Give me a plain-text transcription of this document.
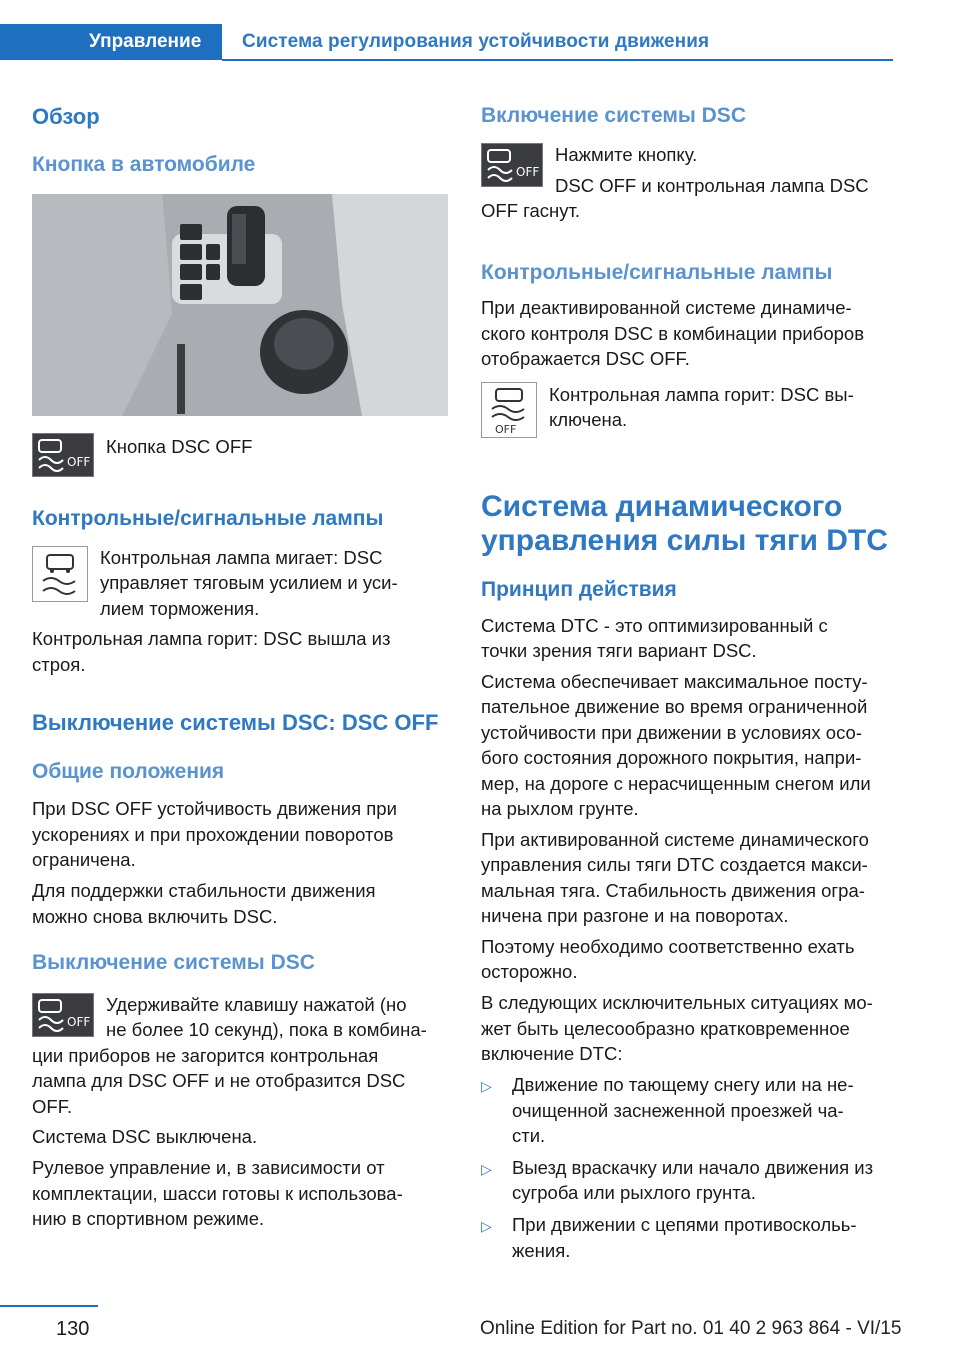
Управление Система регулирования устойчивости движения
Обзор
Кнопка в автомобиле
OFF

Кнопка DSC OFF

Контрольные/сигнальные лампы

Контрольная лампа мигает: DSC

управляет тяговым усилием и уси‐

лием торможения.

Контрольная лампа горит: DSC вышла из

строя.

Выключение системы DSC: DSC OFF
Общие положения

При DSC OFF устойчивость движения при

ускорениях и при прохождении поворотов

ограничена.

Для поддержки стабильности движения

можно снова включить DSC.

Выключение системы DSC
OFF

Удерживайте клавишу нажатой (но

не более 10 секунд), пока в комбина‐

ции приборов не загорится контрольная

лампа для DSC OFF и не отобразится DSC

OFF.

Система DSC выключена.

Рулевое управление и, в зависимости от

комплектации, шасси готовы к использова‐

нию в спортивном режиме.

Включение системы DSC
OFF

Нажмите кнопку.

DSC OFF и контрольная лампа DSC

OFF гаснут.

Контрольные/сигнальные лампы

При деактивированной системе динамиче‐

ского контроля DSC в комбинации приборов

отображается DSC OFF.

OFF

Контрольная лампа горит: DSC вы‐

ключена.

Система динамического
управления силы тяги DTC
Принцип действия

Система DTC - это оптимизированный с

точки зрения тяги вариант DSC.

Система обеспечивает максимальное посту‐

пательное движение во время ограниченной

устойчивости при движении в условиях осо‐

бого состояния дорожного покрытия, напри‐

мер, на дороге с нерасчищенным снегом или

на рыхлом грунте.

При активированной системе динамического

управления силы тяги DTC создается макси‐

мальная тяга. Стабильность движения огра‐

ничена при разгоне и на поворотах.

Поэтому необходимо соответственно ехать

осторожно.

В следующих исключительных ситуациях мо‐

жет быть целесообразно кратковременное

включение DTC:

▷ Движение по тающему снегу или на не‐

очищенной заснеженной проезжей ча‐

сти.

▷ Выезд враскачку или начало движения из

сугроба или рыхлого грунта.

▷ При движении с цепями противоскольь‐

жения.

130	Online Edition for Part no. 01 40 2 963 864 - VI/15
